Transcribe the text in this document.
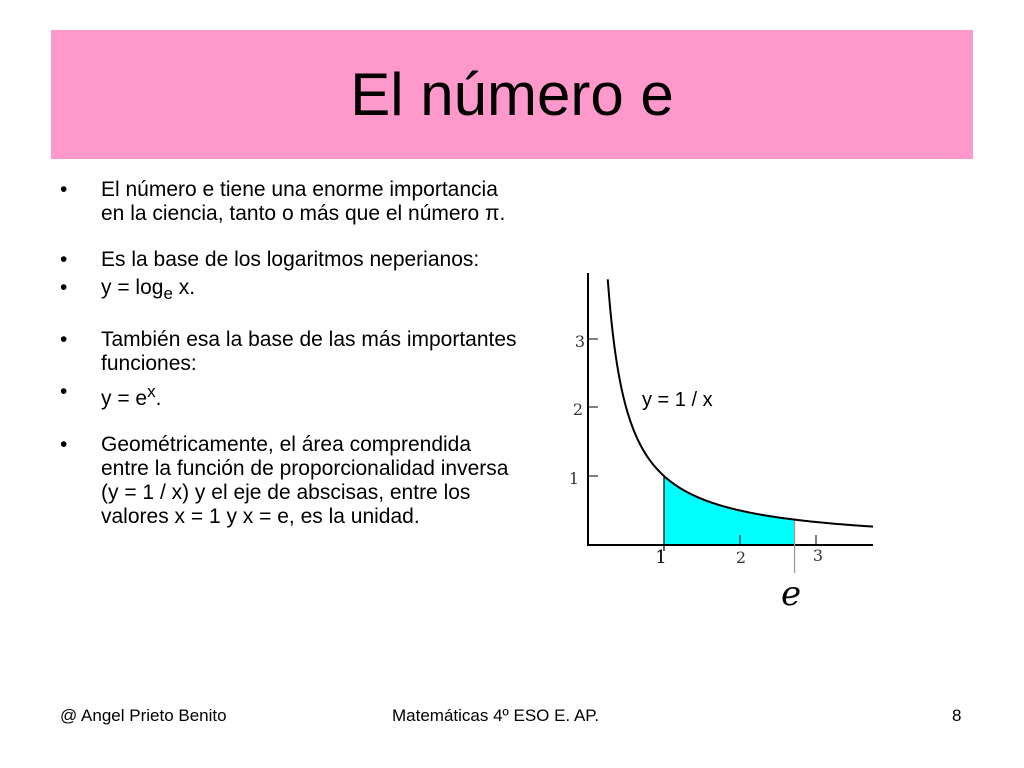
El número e
•	El número e tiene una enorme importancia en la ciencia, tanto o más que el número π.
•	Es la base de los logaritmos neperianos:
•	$y = \log_e x$.
•	También esa la base de las más importantes funciones:
•	$y = e^x$.
•	Geométricamente, el área comprendida entre la función de proporcionalidad inversa (y = 1 / x) y el eje de abscisas, entre los valores x = 1 y x = e, es la unidad.
1
2
3
1	2	3
e
y = 1 / x
@ Angel Prieto Benito	Matemáticas 4º ESO E. AP.	8
